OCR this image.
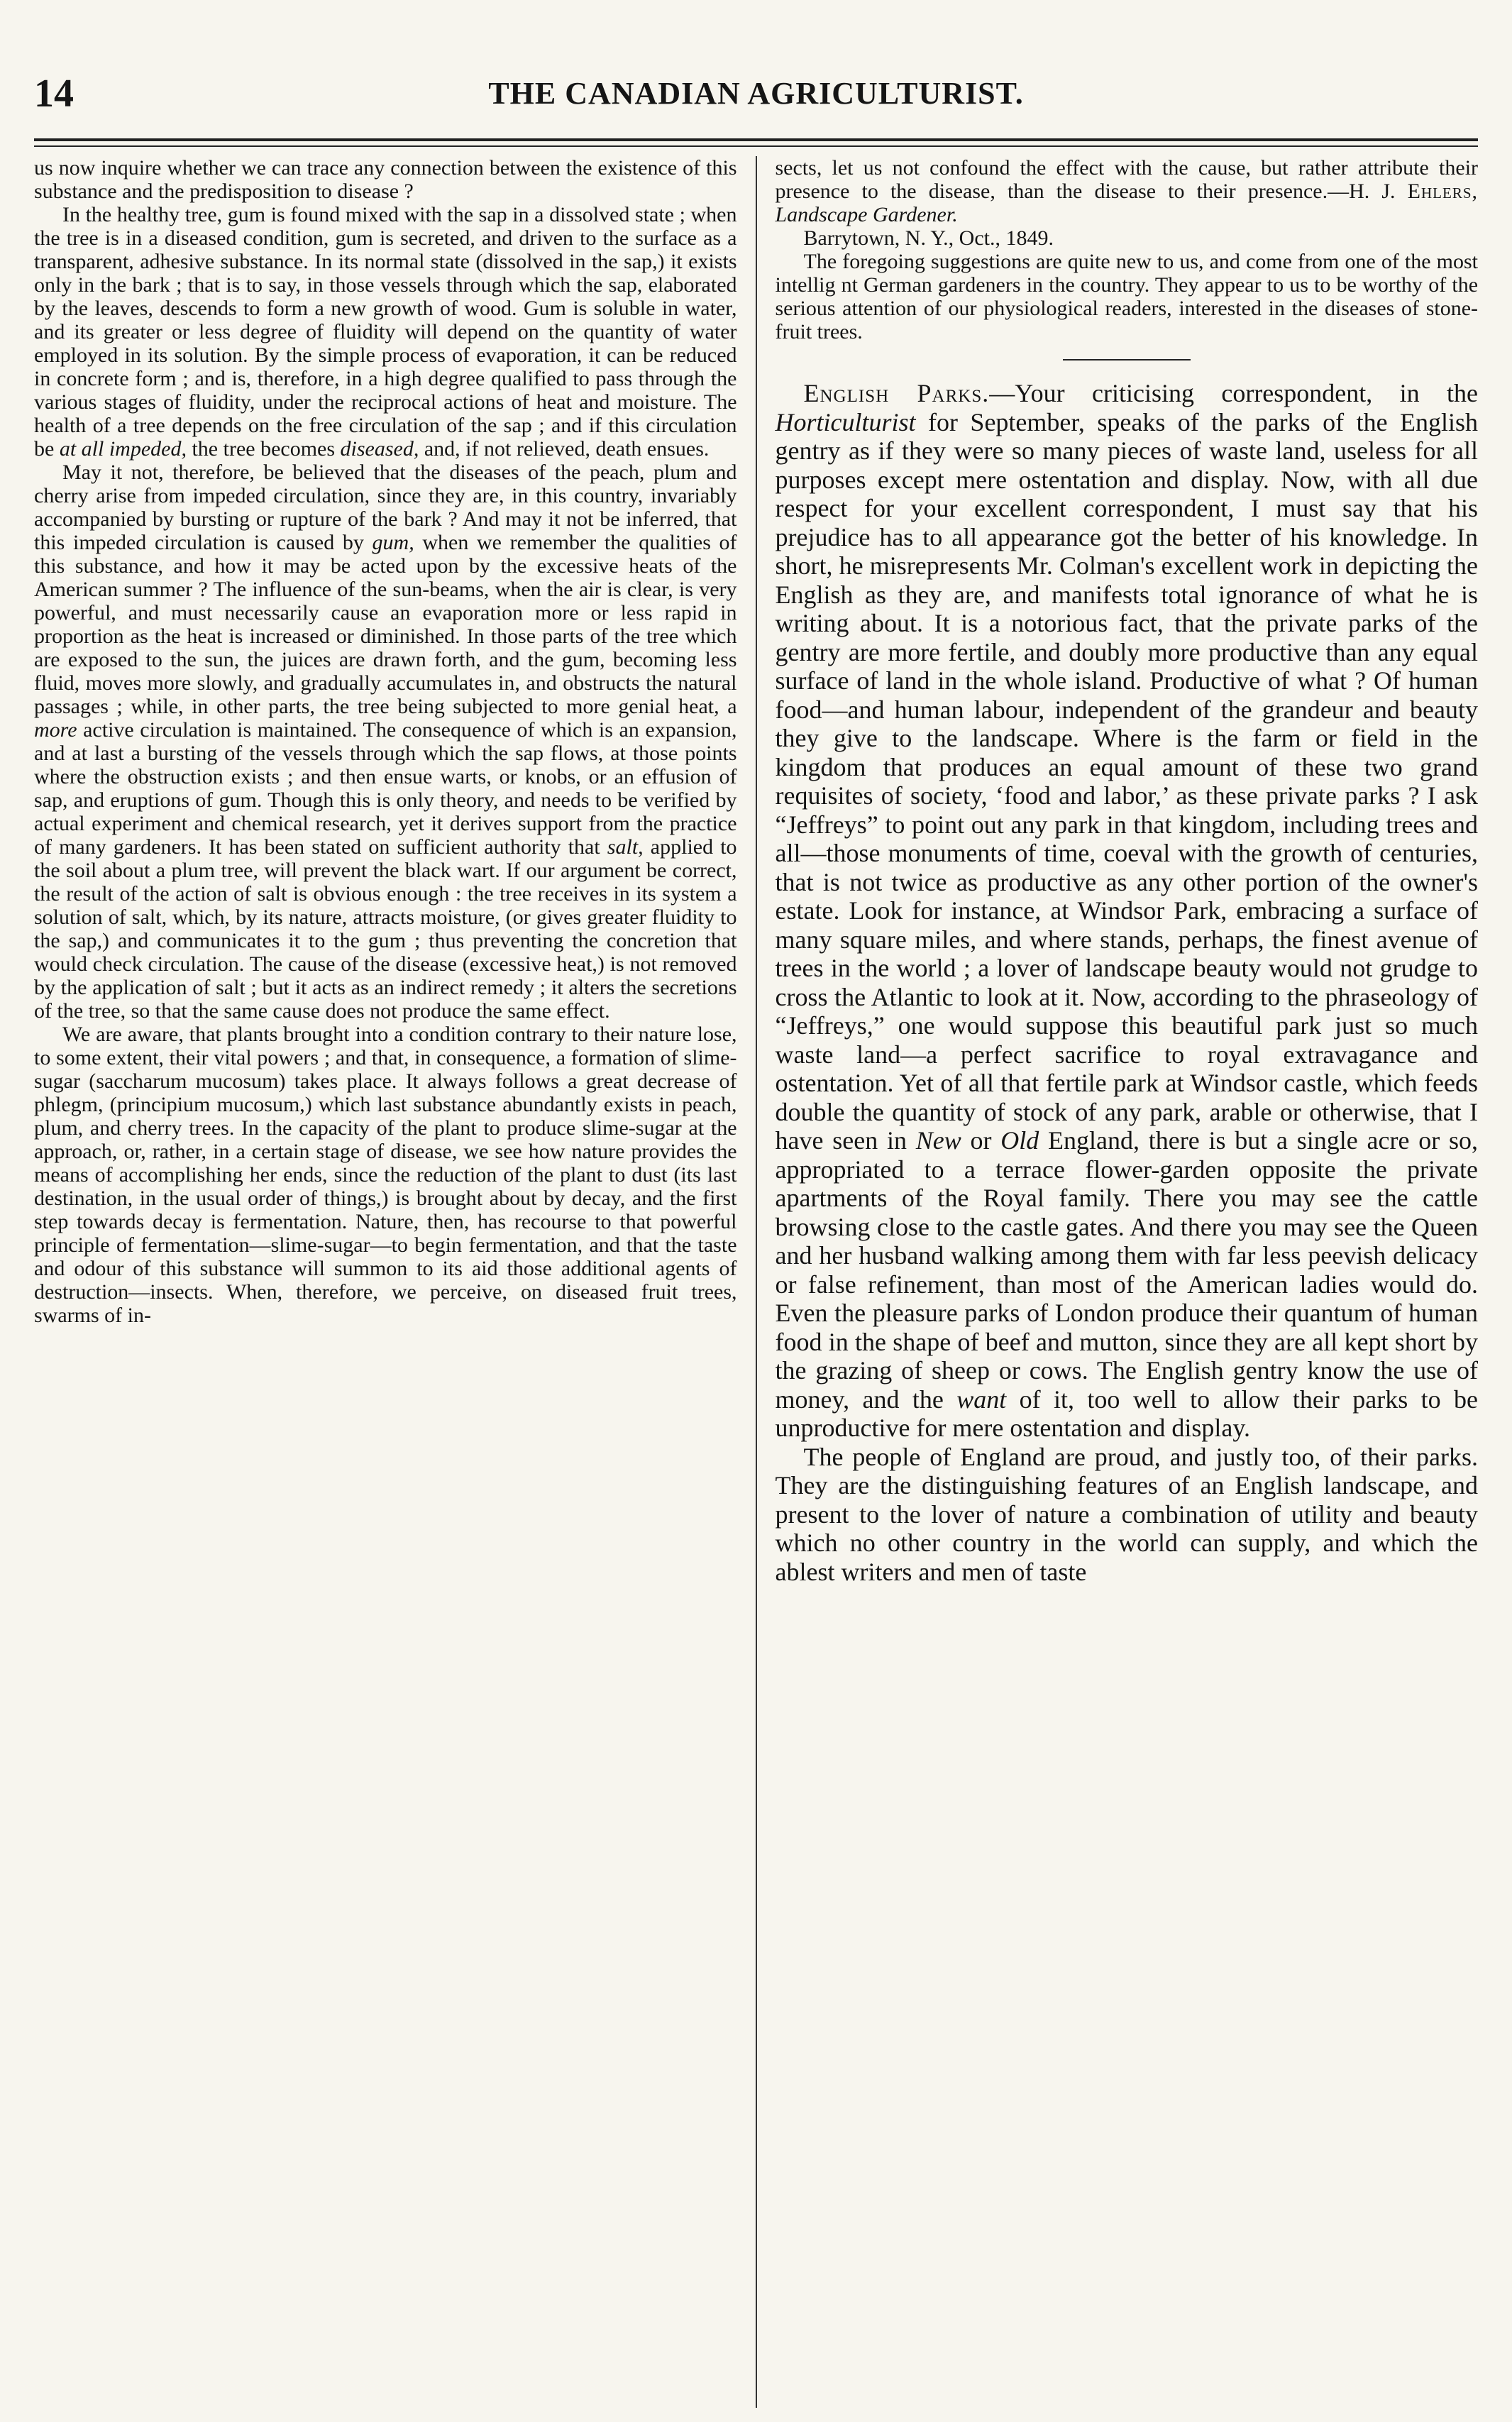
14	THE CANADIAN AGRICULTURIST.

us now inquire whether we can trace any connection between the existence of this substance and the predisposition to disease ?

In the healthy tree, gum is found mixed with the sap in a dissolved state ; when the tree is in a diseased condition, gum is secreted, and driven to the surface as a transparent, adhesive substance. In its normal state (dissolved in the sap,) it exists only in the bark ; that is to say, in those vessels through which the sap, elaborated by the leaves, descends to form a new growth of wood. Gum is soluble in water, and its greater or less degree of fluidity will depend on the quantity of water employed in its solution. By the simple process of evaporation, it can be reduced in concrete form ; and is, therefore, in a high degree qualified to pass through the various stages of fluidity, under the reciprocal actions of heat and moisture. The health of a tree depends on the free circulation of the sap ; and if this circulation be at all impeded, the tree becomes diseased, and, if not relieved, death ensues.

May it not, therefore, be believed that the diseases of the peach, plum and cherry arise from impeded circulation, since they are, in this country, invariably accompanied by bursting or rupture of the bark ? And may it not be inferred, that this impeded circulation is caused by gum, when we remember the qualities of this substance, and how it may be acted upon by the excessive heats of the American summer ? The influence of the sun-beams, when the air is clear, is very powerful, and must necessarily cause an evaporation more or less rapid in proportion as the heat is increased or diminished. In those parts of the tree which are exposed to the sun, the juices are drawn forth, and the gum, becoming less fluid, moves more slowly, and gradually accumulates in, and obstructs the natural passages ; while, in other parts, the tree being subjected to more genial heat, a more active circulation is maintained. The consequence of which is an expansion, and at last a bursting of the vessels through which the sap flows, at those points where the obstruction exists ; and then ensue warts, or knobs, or an effusion of sap, and eruptions of gum. Though this is only theory, and needs to be verified by actual experiment and chemical research, yet it derives support from the practice of many gardeners. It has been stated on sufficient authority that salt, applied to the soil about a plum tree, will prevent the black wart. If our argument be correct, the result of the action of salt is obvious enough : the tree receives in its system a solution of salt, which, by its nature, attracts moisture, (or gives greater fluidity to the sap,) and communicates it to the gum ; thus preventing the concretion that would check circulation. The cause of the disease (excessive heat,) is not removed by the application of salt ; but it acts as an indirect remedy ; it alters the secretions of the tree, so that the same cause does not produce the same effect.

We are aware, that plants brought into a condition contrary to their nature lose, to some extent, their vital powers ; and that, in consequence, a formation of slime-sugar (saccharum mucosum) takes place. It always follows a great decrease of phlegm, (principium mucosum,) which last substance abundantly exists in peach, plum, and cherry trees. In the capacity of the plant to produce slime-sugar at the approach, or, rather, in a certain stage of disease, we see how nature provides the means of accomplishing her ends, since the reduction of the plant to dust (its last destination, in the usual order of things,) is brought about by decay, and the first step towards decay is fermentation. Nature, then, has recourse to that powerful principle of fermentation—slime-sugar—to begin fermentation, and that the taste and odour of this substance will summon to its aid those additional agents of destruction—insects. When, therefore, we perceive, on diseased fruit trees, swarms of in-

sects, let us not confound the effect with the cause, but rather attribute their presence to the disease, than the disease to their presence.—H. J. Ehlers, Landscape Gardener.

Barrytown, N. Y., Oct., 1849.

The foregoing suggestions are quite new to us, and come from one of the most intellig nt German gardeners in the country. They appear to us to be worthy of the serious attention of our physiological readers, interested in the diseases of stone-fruit trees.

English Parks.—Your criticising correspondent, in the Horticulturist for September, speaks of the parks of the English gentry as if they were so many pieces of waste land, useless for all purposes except mere ostentation and display. Now, with all due respect for your excellent correspondent, I must say that his prejudice has to all appearance got the better of his knowledge. In short, he misrepresents Mr. Colman's excellent work in depicting the English as they are, and manifests total ignorance of what he is writing about. It is a notorious fact, that the private parks of the gentry are more fertile, and doubly more productive than any equal surface of land in the whole island. Productive of what ? Of human food—and human labour, independent of the grandeur and beauty they give to the landscape. Where is the farm or field in the kingdom that produces an equal amount of these two grand requisites of society, ‘food and labor,’ as these private parks ? I ask “Jeffreys” to point out any park in that kingdom, including trees and all—those monuments of time, coeval with the growth of centuries, that is not twice as productive as any other portion of the owner's estate. Look for instance, at Windsor Park, embracing a surface of many square miles, and where stands, perhaps, the finest avenue of trees in the world ; a lover of landscape beauty would not grudge to cross the Atlantic to look at it. Now, according to the phraseology of “Jeffreys,” one would suppose this beautiful park just so much waste land—a perfect sacrifice to royal extravagance and ostentation. Yet of all that fertile park at Windsor castle, which feeds double the quantity of stock of any park, arable or otherwise, that I have seen in New or Old England, there is but a single acre or so, appropriated to a terrace flower-garden opposite the private apartments of the Royal family. There you may see the cattle browsing close to the castle gates. And there you may see the Queen and her husband walking among them with far less peevish delicacy or false refinement, than most of the American ladies would do. Even the pleasure parks of London produce their quantum of human food in the shape of beef and mutton, since they are all kept short by the grazing of sheep or cows. The English gentry know the use of money, and the want of it, too well to allow their parks to be unproductive for mere ostentation and display.

The people of England are proud, and justly too, of their parks. They are the distinguishing features of an English landscape, and present to the lover of nature a combination of utility and beauty which no other country in the world can supply, and which the ablest writers and men of taste
